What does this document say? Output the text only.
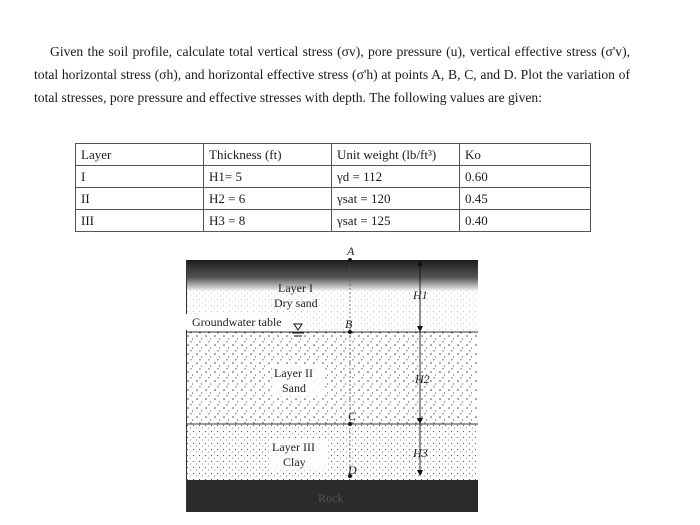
Given the soil profile, calculate total vertical stress (σv), pore pressure (u), vertical effective stress (σ'v), total horizontal stress (σh), and horizontal effective stress (σ'h) at points A, B, C, and D. Plot the variation of total stresses, pore pressure and effective stresses with depth. The following values are given:
Layer	Thickness (ft)	Unit weight (lb/ft³)	Ko
I	H1= 5	γd = 112	0.60
II	H2 = 6	γsat = 120	0.45
III	H3 = 8	γsat = 125	0.40
A
B
C
D
Layer I
Dry sand
Groundwater table
Layer II
Sand
Layer III
Clay
Rock
H1
H2
H3
